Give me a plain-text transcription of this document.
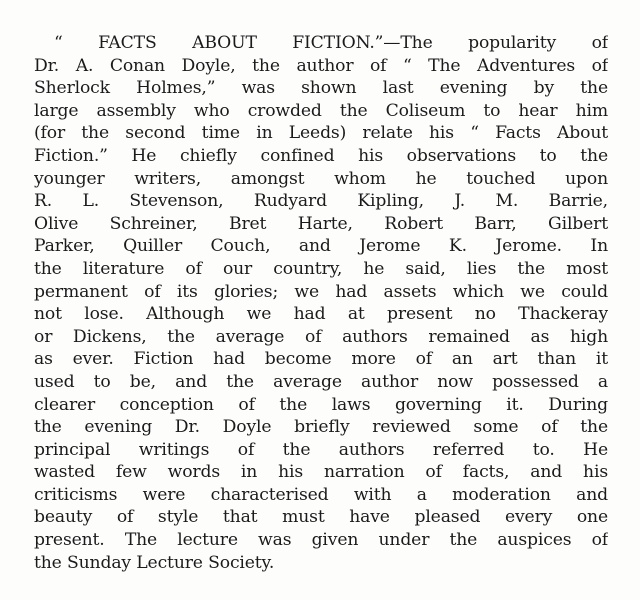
“ FACTS ABOUT FICTION.”—The popularity of
Dr. A. Conan Doyle, the author of “ The Adventures of
Sherlock Holmes,” was shown last evening by the
large assembly who crowded the Coliseum to hear him
(for the second time in Leeds) relate his “ Facts About
Fiction.” He chiefly confined his observations to the
younger writers, amongst whom he touched upon
R. L. Stevenson, Rudyard Kipling, J. M. Barrie,
Olive Schreiner, Bret Harte, Robert Barr, Gilbert
Parker, Quiller Couch, and Jerome K. Jerome. In
the literature of our country, he said, lies the most
permanent of its glories; we had assets which we could
not lose. Although we had at present no Thackeray
or Dickens, the average of authors remained as high
as ever. Fiction had become more of an art than it
used to be, and the average author now possessed a
clearer conception of the laws governing it. During
the evening Dr. Doyle briefly reviewed some of the
principal writings of the authors referred to. He
wasted few words in his narration of facts, and his
criticisms were characterised with a moderation and
beauty of style that must have pleased every one
present. The lecture was given under the auspices of
the Sunday Lecture Society.
